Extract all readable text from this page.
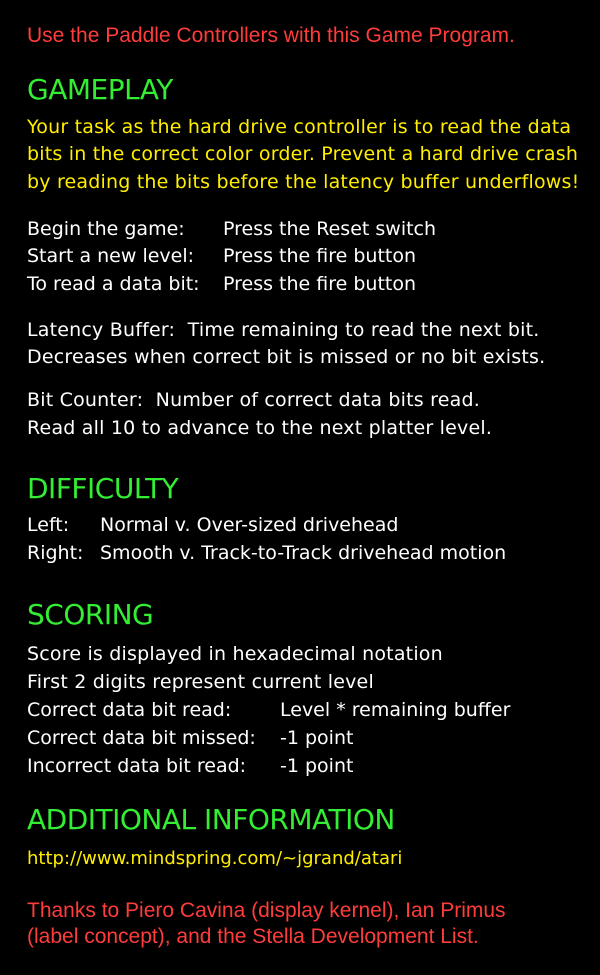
Use the Paddle Controllers with this Game Program.
GAMEPLAY
Your task as the hard drive controller is to read the data
bits in the correct color order. Prevent a hard drive crash
by reading the bits before the latency buffer underflows!
Begin the game:	Press the Reset switch
Start a new level:	Press the fire button
To read a data bit:	Press the fire button
Latency Buffer:  Time remaining to read the next bit.
Decreases when correct bit is missed or no bit exists.
Bit Counter:  Number of correct data bits read.
Read all 10 to advance to the next platter level.
DIFFICULTY
Left:	Normal v. Over-sized drivehead
Right: Smooth v. Track-to-Track drivehead motion
SCORING
Score is displayed in hexadecimal notation
First 2 digits represent current level
Correct data bit read:	Level * remaining buffer
Correct data bit missed:	-1 point
Incorrect data bit read:	-1 point
ADDITIONAL INFORMATION
http://www.mindspring.com/~jgrand/atari
Thanks to Piero Cavina (display kernel), Ian Primus
(label concept), and the Stella Development List.
